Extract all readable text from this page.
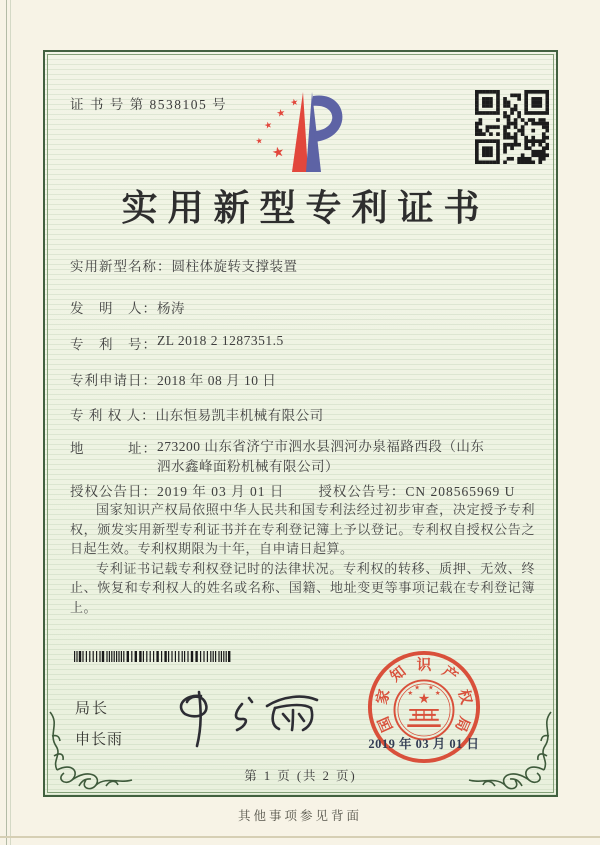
证 书 号 第 8538105 号	★
★
★
★
★
实用新型专利证书
实用新型名称： 圆柱体旋转支撑装置
发　明　人： 杨涛
专　利　号： ZL 2018 2 1287351.5
专利申请日： 2018 年 08 月 10 日
专 利 权 人： 山东恒易凯丰机械有限公司
地　　　址： 273200 山东省济宁市泗水县泗河办泉福路西段（山东泗水鑫峰面粉机械有限公司）
授权公告日：2019 年 03 月 01 日	授权公告号：CN 208565969 U

国家知识产权局依照中华人民共和国专利法经过初步审查，决定授予专利权，颁发实用新型专利证书并在专利登记簿上予以登记。专利权自授权公告之日起生效。专利权期限为十年，自申请日起算。

专利证书记载专利权登记时的法律状况。专利权的转移、质押、无效、终止、恢复和专利权人的姓名或名称、国籍、地址变更等事项记载在专利登记簿上。

局长
申长雨
国
家
知 识 产
权
局
★
★
★ ★
★
2019 年 03 月 01 日
第 1 页 (共 2 页)
其他事项参见背面
